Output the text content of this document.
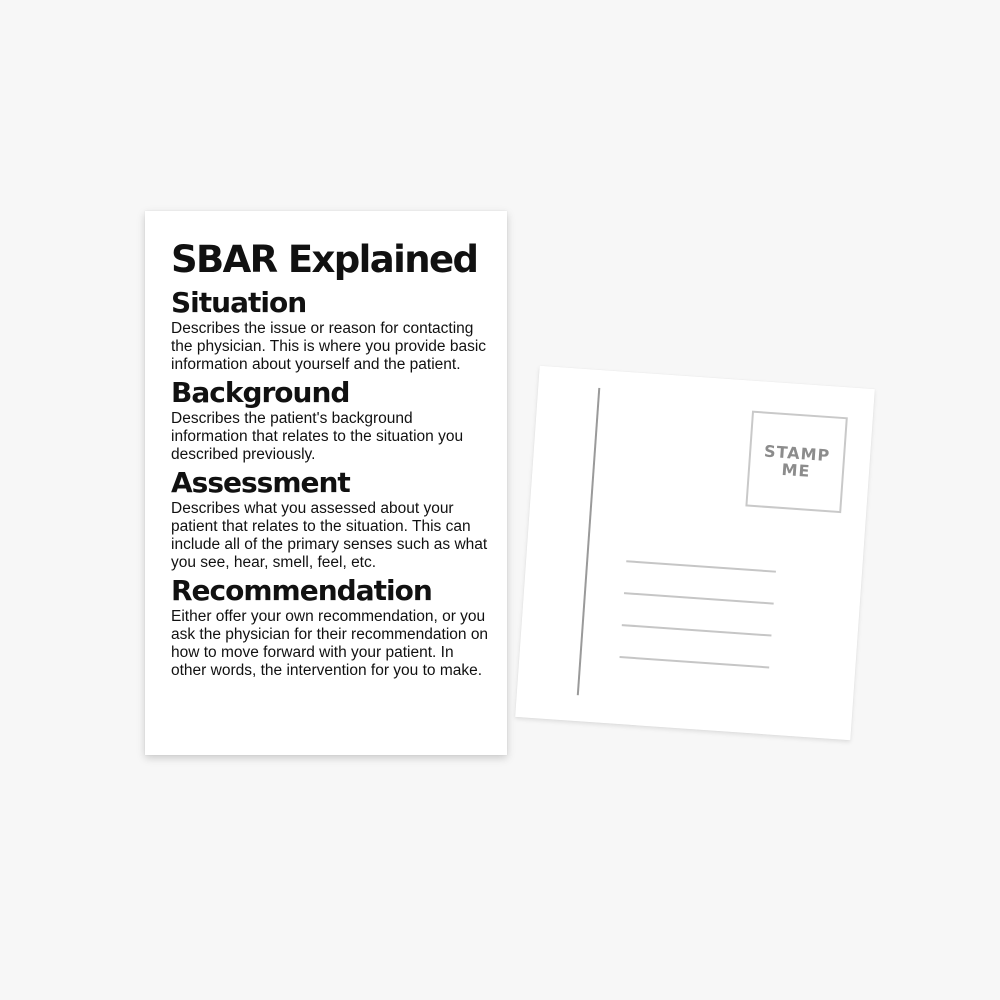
STAMP
ME
SBAR Explained
Situation

Describes the issue or reason for contacting the physician. This is where you provide basic information about yourself and the patient.

Background

Describes the patient's background information that relates to the situation you described previously.

Assessment

Describes what you assessed about your patient that relates to the situation. This can include all of the primary senses such as what you see, hear, smell, feel, etc.

Recommendation

Either offer your own recommendation, or you ask the physician for their recommendation on how to move forward with your patient. In other words, the intervention for you to make.
